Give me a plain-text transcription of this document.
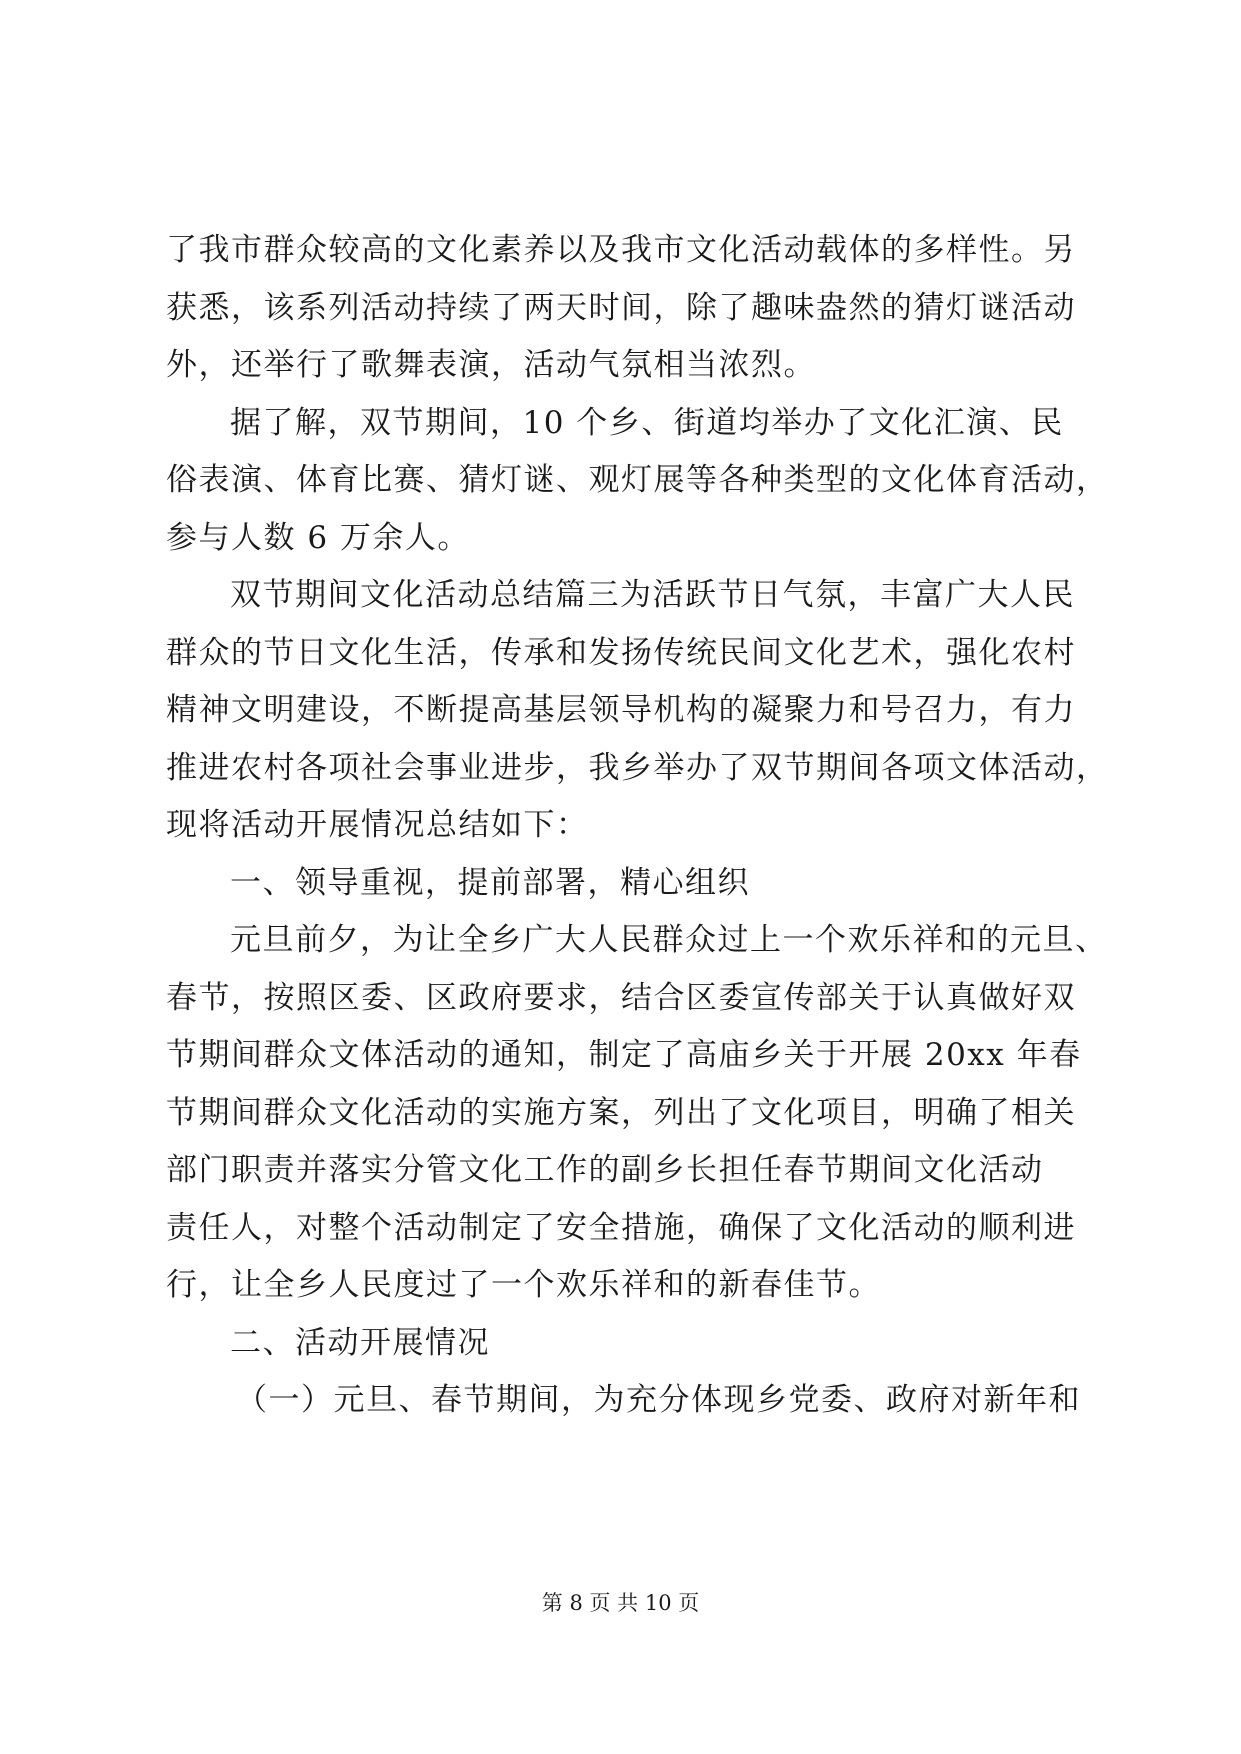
了我市群众较高的文化素养以及我市文化活动载体的多样性。另
获悉，该系列活动持续了两天时间，除了趣味盎然的猜灯谜活动
外，还举行了歌舞表演，活动气氛相当浓烈。
据了解，双节期间，10 个乡、街道均举办了文化汇演、民
俗表演、体育比赛、猜灯谜、观灯展等各种类型的文化体育活动，
参与人数 6 万余人。
双节期间文化活动总结篇三为活跃节日气氛，丰富广大人民
群众的节日文化生活，传承和发扬传统民间文化艺术，强化农村
精神文明建设，不断提高基层领导机构的凝聚力和号召力，有力
推进农村各项社会事业进步，我乡举办了双节期间各项文体活动，
现将活动开展情况总结如下：
一、领导重视，提前部署，精心组织
元旦前夕，为让全乡广大人民群众过上一个欢乐祥和的元旦、
春节，按照区委、区政府要求，结合区委宣传部关于认真做好双
节期间群众文体活动的通知，制定了高庙乡关于开展 20xx 年春
节期间群众文化活动的实施方案，列出了文化项目，明确了相关
部门职责并落实分管文化工作的副乡长担任春节期间文化活动
责任人，对整个活动制定了安全措施，确保了文化活动的顺利进
行，让全乡人民度过了一个欢乐祥和的新春佳节。
二、活动开展情况
（一）元旦、春节期间，为充分体现乡党委、政府对新年和
第 8 页 共 10 页
